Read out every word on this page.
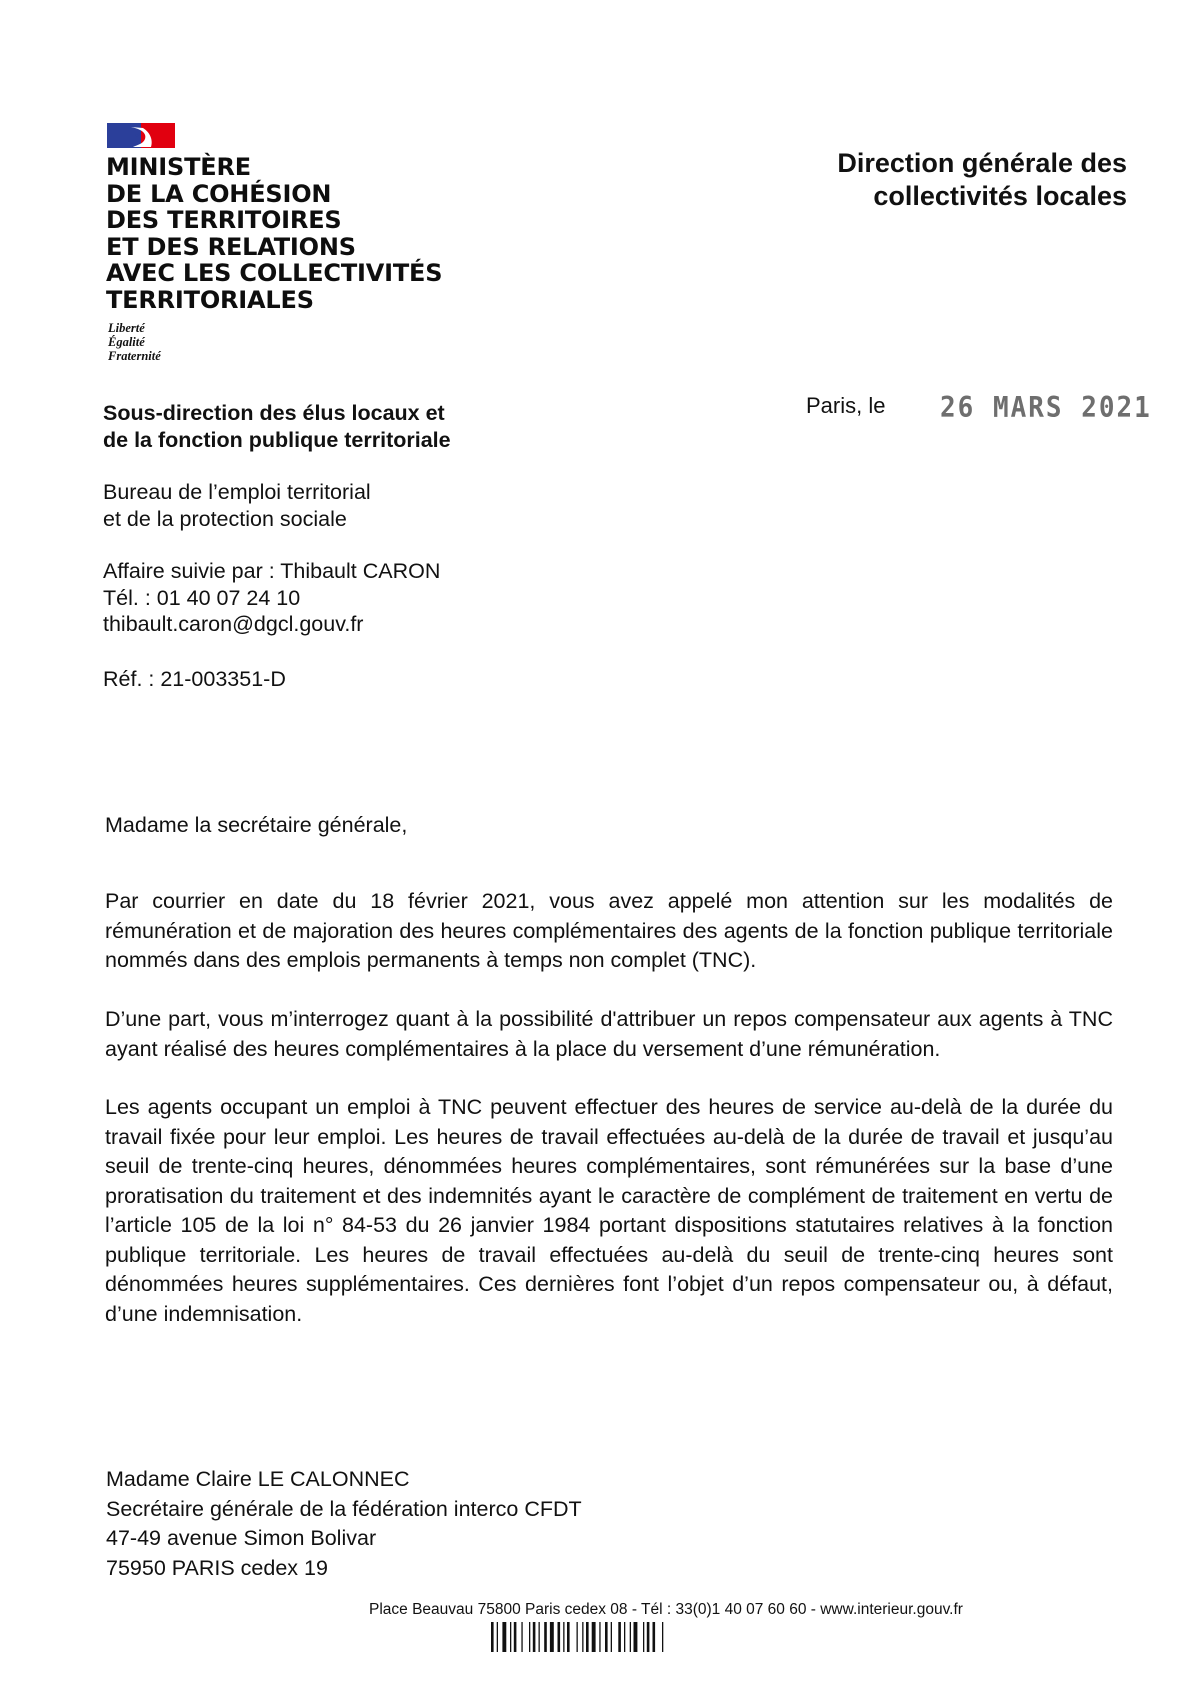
MINISTÈRE
DE LA COHÉSION
DES TERRITOIRES
ET DES RELATIONS
AVEC LES COLLECTIVITÉS
TERRITORIALES
Liberté
Égalité
Fraternité
Direction générale des
collectivités locales
Paris, le 26 MARS 2021
Sous-direction des élus locaux et
de la fonction publique territoriale
Bureau de l’emploi territorial
et de la protection sociale
Affaire suivie par : Thibault CARON
Tél. : 01 40 07 24 10
thibault.caron@dgcl.gouv.fr
Réf. : 21-003351-D

Madame la secrétaire générale,

Par courrier en date du 18 février 2021, vous avez appelé mon attention sur les modalités de rémunération et de majoration des heures complémentaires des agents de la fonction publique territoriale nommés dans des emplois permanents à temps non complet (TNC).

D’une part, vous m’interrogez quant à la possibilité d'attribuer un repos compensateur aux agents à TNC ayant réalisé des heures complémentaires à la place du versement d’une rémunération.

Les agents occupant un emploi à TNC peuvent effectuer des heures de service au-delà de la durée du travail fixée pour leur emploi. Les heures de travail effectuées au-delà de la durée de travail et jusqu’au seuil de trente-cinq heures, dénommées heures complémentaires, sont rémunérées sur la base d’une proratisation du traitement et des indemnités ayant le caractère de complément de traitement en vertu de l’article 105 de la loi n° 84-53 du 26 janvier 1984 portant dispositions statutaires relatives à la fonction publique territoriale. Les heures de travail effectuées au-delà du seuil de trente-cinq heures sont dénommées heures supplémentaires. Ces dernières font l’objet d’un repos compensateur ou, à défaut, d’une indemnisation.

Madame Claire LE CALONNEC
Secrétaire générale de la fédération interco CFDT
47-49 avenue Simon Bolivar
75950 PARIS cedex 19
Place Beauvau 75800 Paris cedex 08 - Tél : 33(0)1 40 07 60 60 - www.interieur.gouv.fr
